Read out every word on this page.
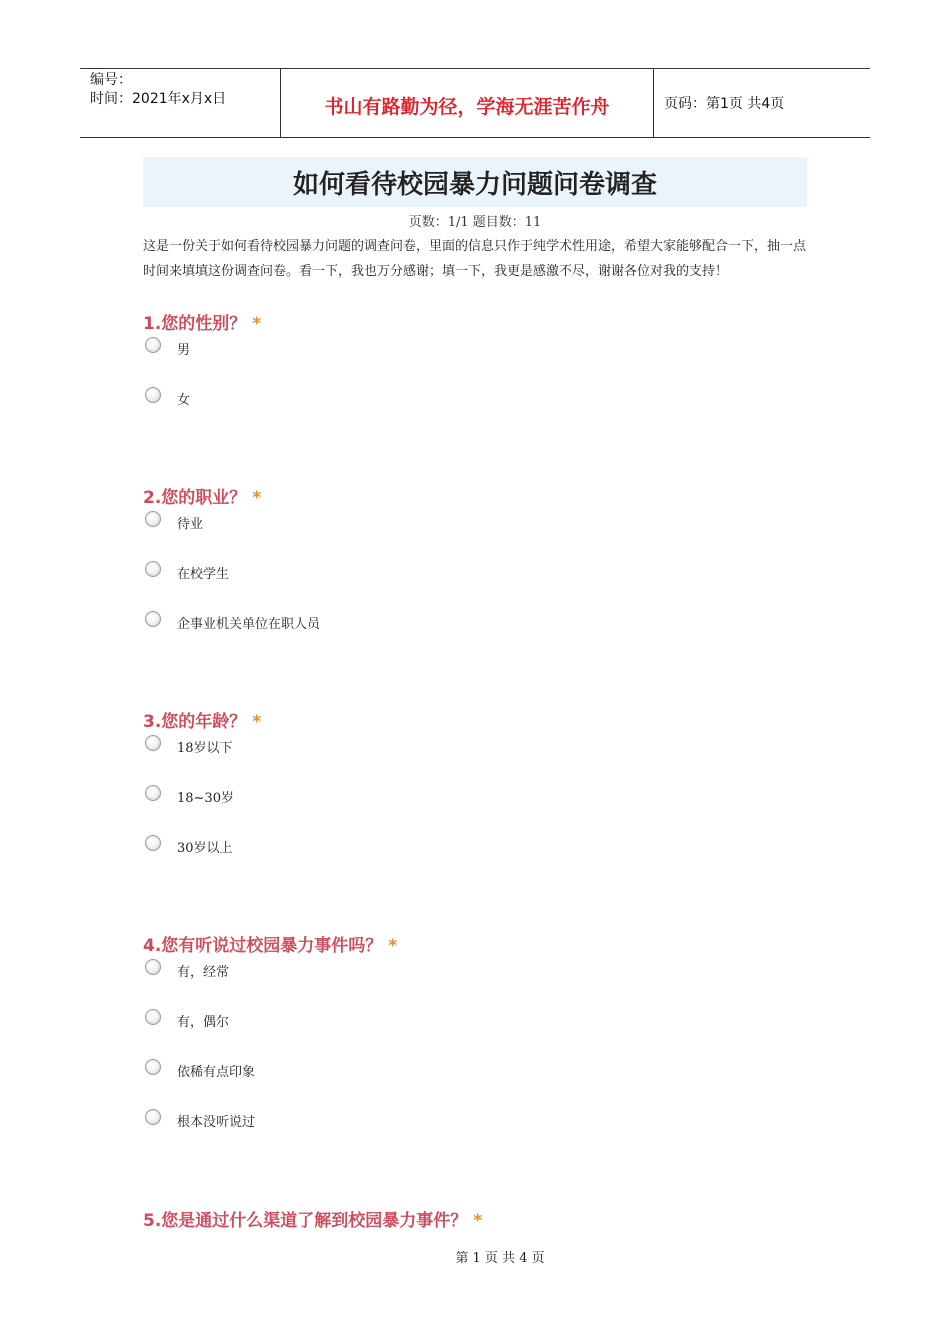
编号：
时间：2021年x月x日	书山有路勤为径，学海无涯苦作舟	页码：第1页 共4页
如何看待校园暴力问题问卷调查
页数：1/1 题目数：11
这是一份关于如何看待校园暴力问题的调查问卷，里面的信息只作于纯学术性用途，希望大家能够配合一下，抽一点时间来填填这份调查问卷。看一下，我也万分感谢；填一下，我更是感激不尽，谢谢各位对我的支持！
1.您的性别？ *
男
女
2.您的职业？ *
待业
在校学生
企事业机关单位在职人员
3.您的年龄？ *
18岁以下
18~30岁
30岁以上
4.您有听说过校园暴力事件吗？ *
有，经常
有，偶尔
依稀有点印象
根本没听说过
5.您是通过什么渠道了解到校园暴力事件？ *
第 1 页 共 4 页
